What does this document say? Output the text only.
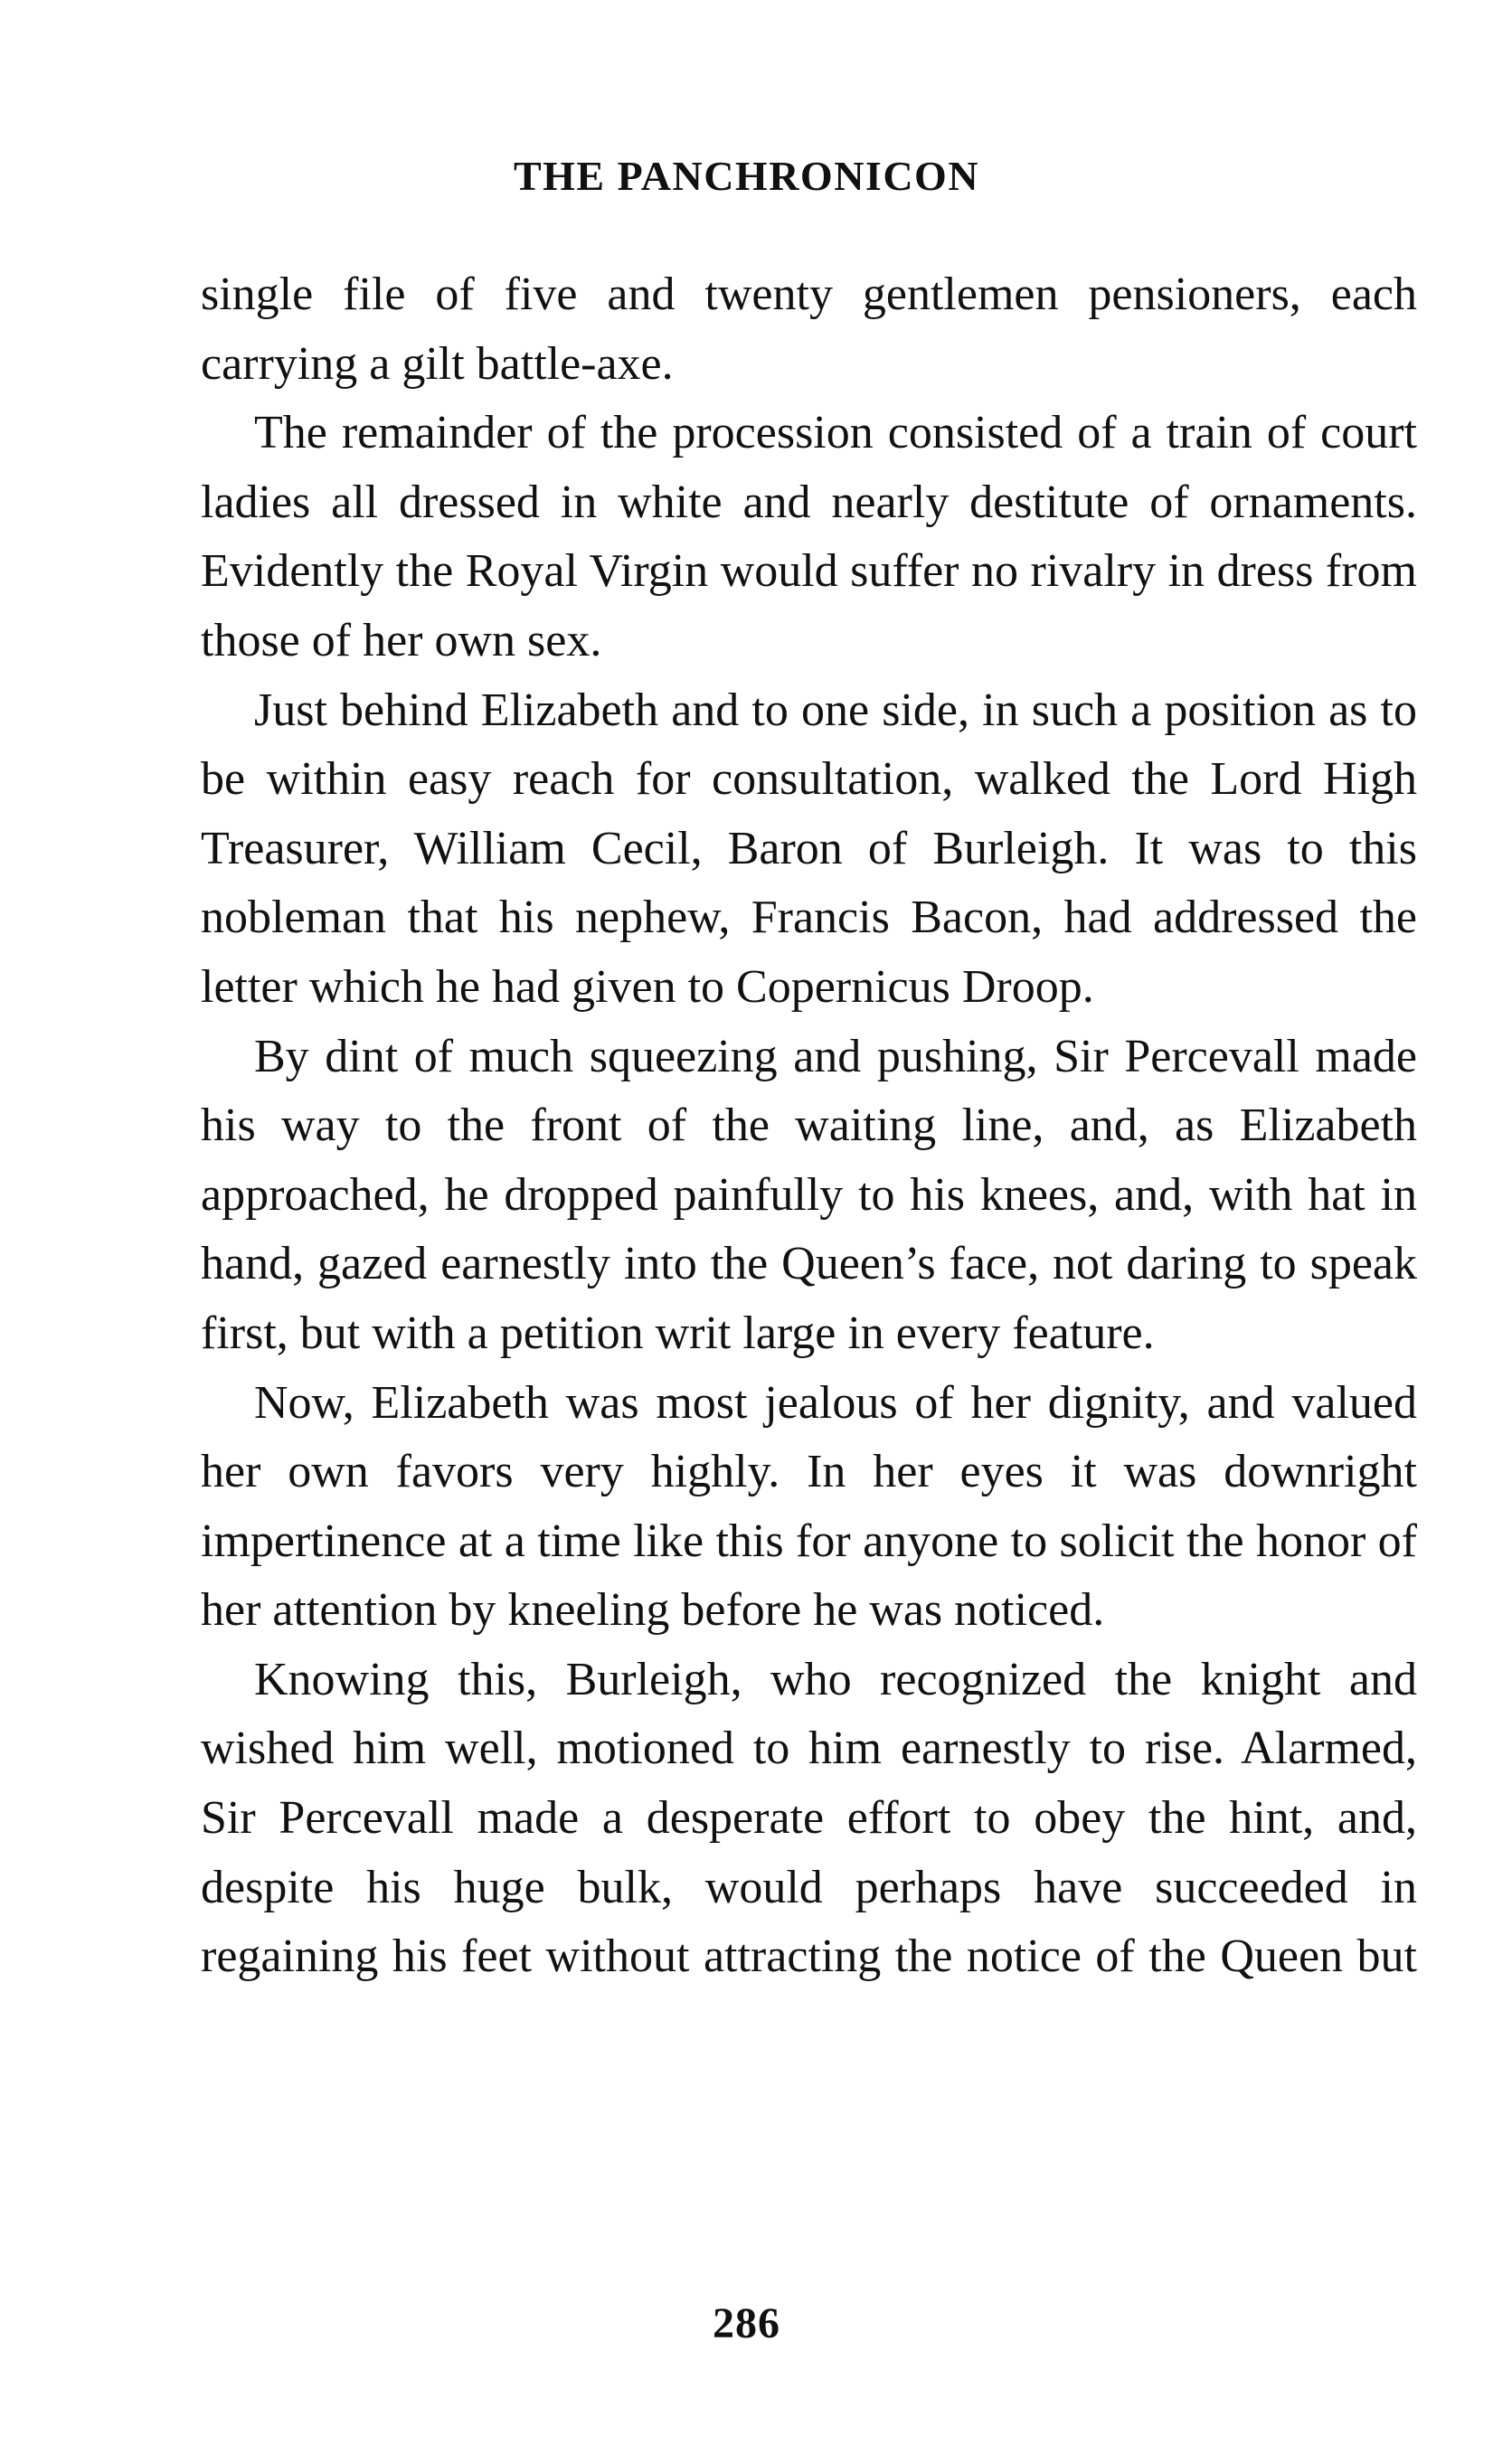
THE PANCHRONICON

single file of five and twenty gentlemen pensioners, each carrying a gilt battle-axe.

The remainder of the procession consisted of a train of court ladies all dressed in white and nearly destitute of ornaments. Evidently the Royal Virgin would suffer no rivalry in dress from those of her own sex.

Just behind Elizabeth and to one side, in such a position as to be within easy reach for consultation, walked the Lord High Treasurer, William Cecil, Baron of Burleigh. It was to this nobleman that his nephew, Francis Bacon, had addressed the letter which he had given to Copernicus Droop.

By dint of much squeezing and pushing, Sir Percevall made his way to the front of the waiting line, and, as Elizabeth approached, he dropped painfully to his knees, and, with hat in hand, gazed earnestly into the Queen’s face, not daring to speak first, but with a petition writ large in every feature.

Now, Elizabeth was most jealous of her dignity, and valued her own favors very highly. In her eyes it was downright impertinence at a time like this for anyone to solicit the honor of her attention by kneeling before he was noticed.

Knowing this, Burleigh, who recognized the knight and wished him well, motioned to him earnestly to rise. Alarmed, Sir Percevall made a desperate effort to obey the hint, and, despite his huge bulk, would perhaps have succeeded in regaining his feet without attracting the notice of the Queen but

286
